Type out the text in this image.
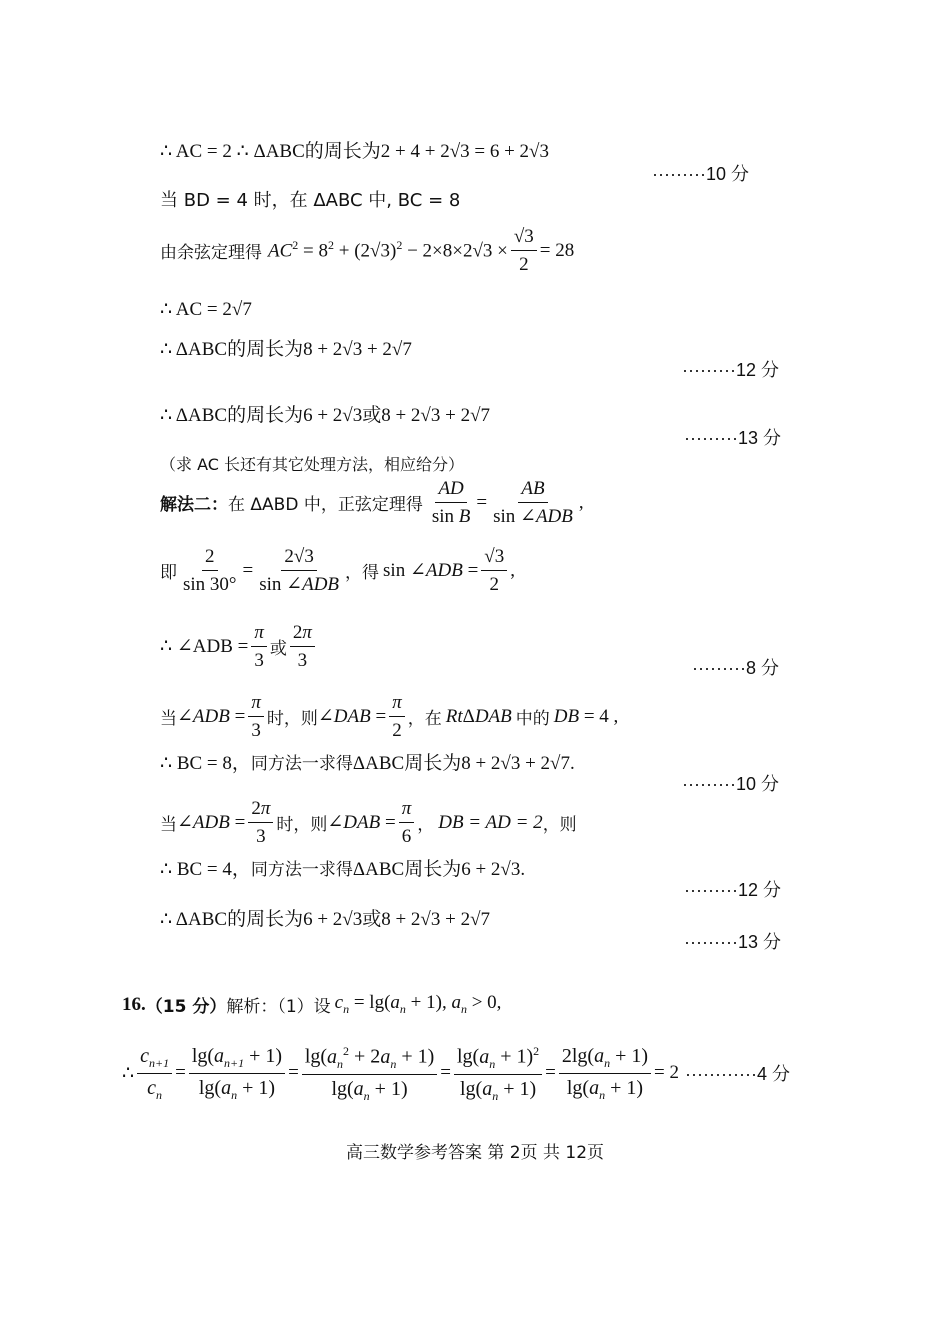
∴ AC = 2 ∴ ΔABC的周长为2 + 4 + 2√3 = 6 + 2√3
·········10 分
当 BD = 4 时，在 ΔABC 中, BC = 8
由余弦定理得 $AC^2 = 8^2 + (2√3)^2 - 2\times 8\times 2√3 \times \frac{√3}{2} = 28$
∴ AC = 2√7
∴ ΔABC的周长为8 + 2√3 + 2√7
·········12 分
∴ ΔABC的周长为6 + 2√3或8 + 2√3 + 2√7
·········13 分
（求 AC 长还有其它处理方法，相应给分）
解法二： 在 ΔABD 中，正弦定理得 $\frac{AD}{\text{sin B}} = \frac{AB}{\text{sin ∠ADB}}$ ,
即 $\frac{2}{\sin 30^\circ} = \frac{2√3}{\text{sin ∠ADB}}$ ，得 sin ∠ADB = $\frac{√3}{2}$ ,
∴ ∠ADB = $\frac{\pi}{3}$ 或 $\frac{2\pi}{3}$	·········8 分
当 ∠ADB = $\frac{\pi}{3}$ 时，则 ∠DAB = $\frac{\pi}{2}$ ，在 RtΔDAB 中的 DB = 4 ,
∴ BC = 8， 同方法一求得 ΔABC周长为8 + 2√3 + 2√7.
·········10 分
当 ∠ADB = $\frac{2\pi}{3}$ 时，则 ∠DAB = $\frac{\pi}{6}$ ， DB = AD = 2 ，则
∴ BC = 4， 同方法一求得 ΔABC周长为6 + 2√3.
·········12 分
∴ ΔABC的周长为6 + 2√3或8 + 2√3 + 2√7
·········13 分
16. （15 分） 解析：（1）设 $c_n = \lg(a_n + 1)$, $a_n > 0$,
∴ $\frac{c_{n+1}}{c_n} = \frac{\lg(a_{n+1} + 1)}{\lg(a_n + 1)} = \frac{\lg(a_n^2 + 2a_n + 1)}{\lg(a_n + 1)} = \frac{\lg(a_n + 1)^2}{\lg(a_n + 1)} = \frac{2\lg(a_n + 1)}{\lg(a_n + 1)} = 2 \cdot\cdot\cdot\cdot\cdot\cdot\cdot\cdot\cdot\cdot\cdot\cdot 4$ 分
高三数学参考答案 第 2页 共 12页
